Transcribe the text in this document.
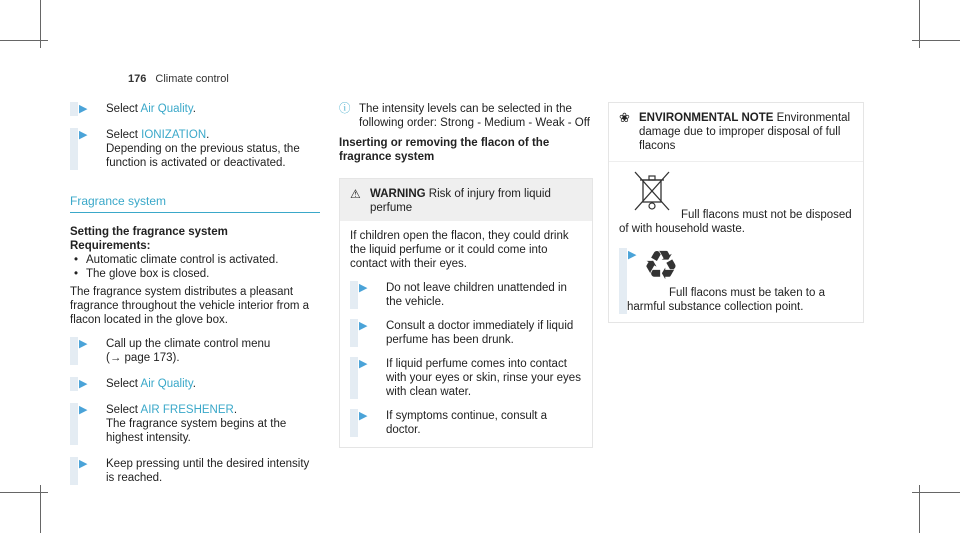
176 Climate control
▶ Select Air Quality.
▶ Select IONIZATION.
Depending on the previous status, the function is activated or deactivated.
Fragrance system
Setting the fragrance system
Requirements:
• Automatic climate control is activated.
• The glove box is closed.
The fragrance system distributes a pleasant fragrance throughout the vehicle interior from a flacon located in the glove box.
▶ Call up the climate control menu
(→ page 173).
▶ Select Air Quality.
▶ Select AIR FRESHENER.
The fragrance system begins at the highest intensity.
▶ Keep pressing until the desired intensity is reached.
ⓘ The intensity levels can be selected in the following order: Strong - Medium - Weak - Off
Inserting or removing the flacon of the fragrance system
⚠ WARNING Risk of injury from liquid perfume
If children open the flacon, they could drink the liquid perfume or it could come into contact with their eyes.
▶ Do not leave children unattended in the vehicle.
▶ Consult a doctor immediately if liquid perfume has been drunk.
▶ If liquid perfume comes into contact with your eyes or skin, rinse your eyes with clean water.
▶ If symptoms continue, consult a doctor.
❀ ENVIRONMENTAL NOTE Environmental damage due to improper disposal of full flacons
Full flacons must not be disposed of with household waste.
▶ ♻
Full flacons must be taken to a harmful substance collection point.
